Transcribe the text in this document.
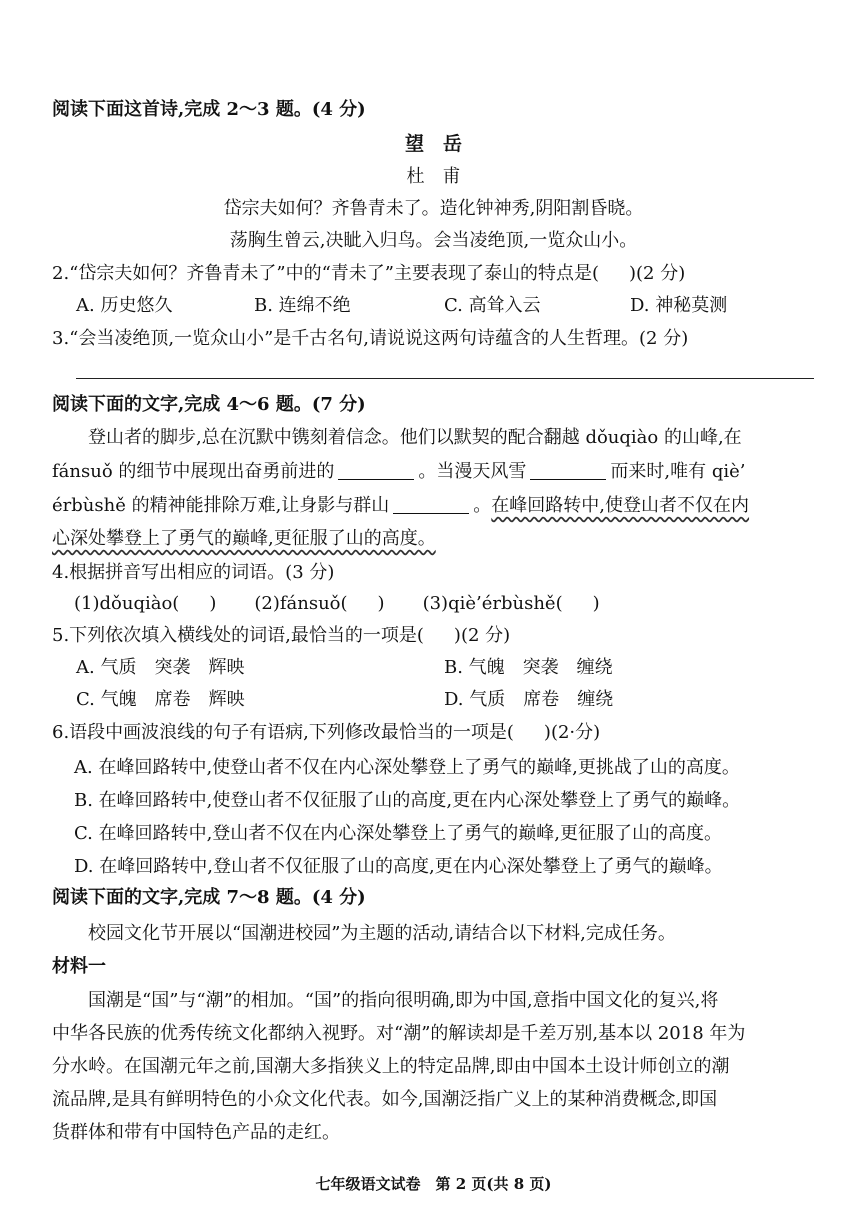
阅读下面这首诗,完成 2～3 题。(4 分)
望　岳
杜　甫
岱宗夫如何？齐鲁青未了。造化钟神秀,阴阳割昏晓。
荡胸生曾云,决眦入归鸟。会当凌绝顶,一览众山小。
2.“岱宗夫如何？齐鲁青未了”中的“青未了”主要表现了泰山的特点是( )(2 分)
A. 历史悠久	B. 连绵不绝	C. 高耸入云	D. 神秘莫测
3.“会当凌绝顶,一览众山小”是千古名句,请说说这两句诗蕴含的人生哲理。(2 分)
阅读下面的文字,完成 4～6 题。(7 分)
登山者的脚步,总在沉默中镌刻着信念。他们以默契的配合翻越 dǒuqiào 的山峰,在
fánsuǒ 的细节中展现出奋勇前进的	。当漫天风雪	而来时,唯有 qiè’
érbùshě 的精神能排除万难,让身影与群山	。在峰回路转中,使登山者不仅在内
心深处攀登上了勇气的巅峰,更征服了山的高度。
4.根据拼音写出相应的词语。(3 分)
(1)dǒuqiào( ) (2)fánsuǒ( ) (3)qiè’érbùshě( )
5.下列依次填入横线处的词语,最恰当的一项是( )(2 分)
A. 气质　突袭　辉映	B. 气魄　突袭　缠绕
C. 气魄　席卷　辉映	D. 气质　席卷　缠绕
6.语段中画波浪线的句子有语病,下列修改最恰当的一项是( )(2·分)
A. 在峰回路转中,使登山者不仅在内心深处攀登上了勇气的巅峰,更挑战了山的高度。
B. 在峰回路转中,使登山者不仅征服了山的高度,更在内心深处攀登上了勇气的巅峰。
C. 在峰回路转中,登山者不仅在内心深处攀登上了勇气的巅峰,更征服了山的高度。
D. 在峰回路转中,登山者不仅征服了山的高度,更在内心深处攀登上了勇气的巅峰。
阅读下面的文字,完成 7～8 题。(4 分)
校园文化节开展以“国潮进校园”为主题的活动,请结合以下材料,完成任务。
材料一
国潮是“国”与“潮”的相加。“国”的指向很明确,即为中国,意指中国文化的复兴,将
中华各民族的优秀传统文化都纳入视野。对“潮”的解读却是千差万别,基本以 2018 年为
分水岭。在国潮元年之前,国潮大多指狭义上的特定品牌,即由中国本土设计师创立的潮
流品牌,是具有鲜明特色的小众文化代表。如今,国潮泛指广义上的某种消费概念,即国
货群体和带有中国特色产品的走红。
七年级语文试卷　第 2 页(共 8 页)
